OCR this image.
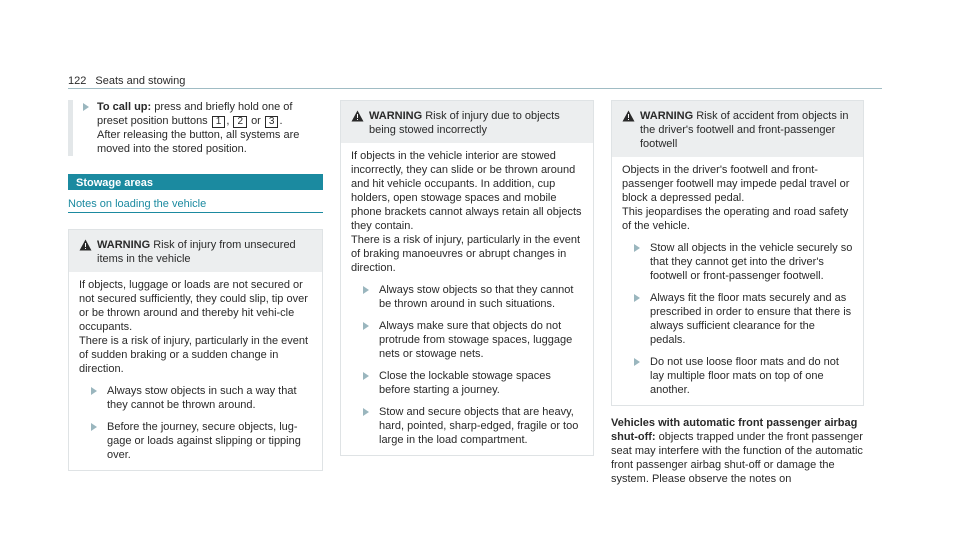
122 Seats and stowing
To call up: press and briefly hold one of preset position buttons 1 , 2 or 3 .
After releasing the button, all systems are moved into the stored position.
Stowage areas
Notes on loading the vehicle
WARNING Risk of injury from unsecured items in the vehicle

If objects, luggage or loads are not secured or not secured sufficiently, they could slip, tip over or be thrown around and thereby hit vehi-cle occupants.

There is a risk of injury, particularly in the event of sudden braking or a sudden change in direction.

Always stow objects in such a way that they cannot be thrown around.
Before the journey, secure objects, lug-gage or loads against slipping or tipping over.
WARNING Risk of injury due to objects being stowed incorrectly

If objects in the vehicle interior are stowed incorrectly, they can slide or be thrown around and hit vehicle occupants. In addition, cup holders, open stowage spaces and mobile phone brackets cannot always retain all objects they contain.

There is a risk of injury, particularly in the event of braking manoeuvres or abrupt changes in direction.

Always stow objects so that they cannot be thrown around in such situations.
Always make sure that objects do not protrude from stowage spaces, luggage nets or stowage nets.
Close the lockable stowage spaces before starting a journey.
Stow and secure objects that are heavy, hard, pointed, sharp-edged, fragile or too large in the load compartment.
WARNING Risk of accident from objects in the driver's footwell and front-passenger footwell

Objects in the driver's footwell and front-passenger footwell may impede pedal travel or block a depressed pedal.

This jeopardises the operating and road safety of the vehicle.

Stow all objects in the vehicle securely so that they cannot get into the driver's footwell or front-passenger footwell.
Always fit the floor mats securely and as prescribed in order to ensure that there is always sufficient clearance for the pedals.
Do not use loose floor mats and do not lay multiple floor mats on top of one another.
Vehicles with automatic front passenger airbag shut-off: objects trapped under the front passenger seat may interfere with the function of the automatic front passenger airbag shut-off or damage the system. Please observe the notes on
